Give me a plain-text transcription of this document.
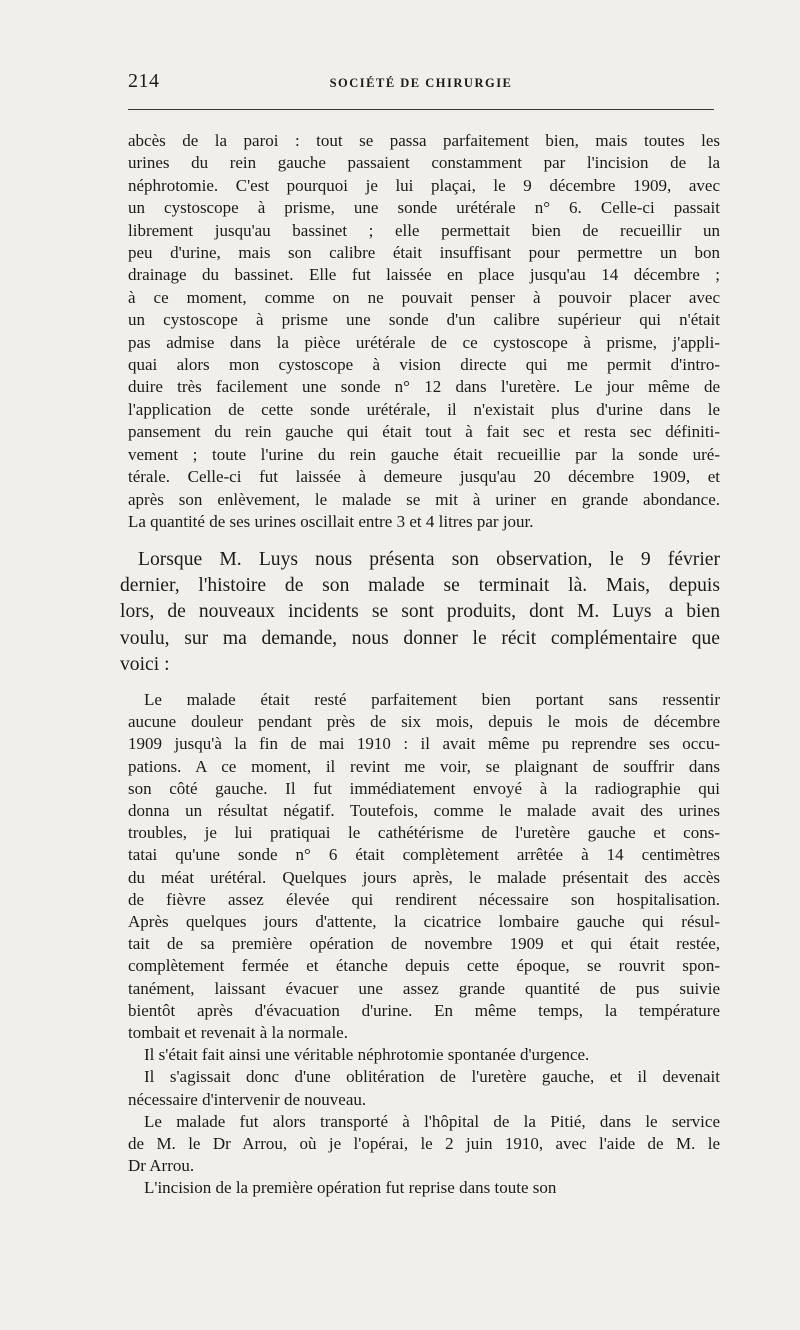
214	SOCIÉTÉ DE CHIRURGIE
abcès de la paroi : tout se passa parfaitement bien, mais toutes les
urines du rein gauche passaient constamment par l'incision de la
néphrotomie. C'est pourquoi je lui plaçai, le 9 décembre 1909, avec
un cystoscope à prisme, une sonde urétérale n° 6. Celle-ci passait
librement jusqu'au bassinet ; elle permettait bien de recueillir un
peu d'urine, mais son calibre était insuffisant pour permettre un bon
drainage du bassinet. Elle fut laissée en place jusqu'au 14 décembre ;
à ce moment, comme on ne pouvait penser à pouvoir placer avec
un cystoscope à prisme une sonde d'un calibre supérieur qui n'était
pas admise dans la pièce urétérale de ce cystoscope à prisme, j'appli-
quai alors mon cystoscope à vision directe qui me permit d'intro-
duire très facilement une sonde n° 12 dans l'uretère. Le jour même de
l'application de cette sonde urétérale, il n'existait plus d'urine dans le
pansement du rein gauche qui était tout à fait sec et resta sec définiti-
vement ; toute l'urine du rein gauche était recueillie par la sonde uré-
térale. Celle-ci fut laissée à demeure jusqu'au 20 décembre 1909, et
après son enlèvement, le malade se mit à uriner en grande abondance.
La quantité de ses urines oscillait entre 3 et 4 litres par jour.
Lorsque M. Luys nous présenta son observation, le 9 février
dernier, l'histoire de son malade se terminait là. Mais, depuis
lors, de nouveaux incidents se sont produits, dont M. Luys a bien
voulu, sur ma demande, nous donner le récit complémentaire que
voici :
Le malade était resté parfaitement bien portant sans ressentir
aucune douleur pendant près de six mois, depuis le mois de décembre
1909 jusqu'à la fin de mai 1910 : il avait même pu reprendre ses occu-
pations. A ce moment, il revint me voir, se plaignant de souffrir dans
son côté gauche. Il fut immédiatement envoyé à la radiographie qui
donna un résultat négatif. Toutefois, comme le malade avait des urines
troubles, je lui pratiquai le cathétérisme de l'uretère gauche et cons-
tatai qu'une sonde n° 6 était complètement arrêtée à 14 centimètres
du méat urétéral. Quelques jours après, le malade présentait des accès
de fièvre assez élevée qui rendirent nécessaire son hospitalisation.
Après quelques jours d'attente, la cicatrice lombaire gauche qui résul-
tait de sa première opération de novembre 1909 et qui était restée,
complètement fermée et étanche depuis cette époque, se rouvrit spon-
tanément, laissant évacuer une assez grande quantité de pus suivie
bientôt après d'évacuation d'urine. En même temps, la température
tombait et revenait à la normale.
Il s'était fait ainsi une véritable néphrotomie spontanée d'urgence.
Il s'agissait donc d'une oblitération de l'uretère gauche, et il devenait
nécessaire d'intervenir de nouveau.
Le malade fut alors transporté à l'hôpital de la Pitié, dans le service
de M. le Dr Arrou, où je l'opérai, le 2 juin 1910, avec l'aide de M. le
Dr Arrou.
L'incision de la première opération fut reprise dans toute son
